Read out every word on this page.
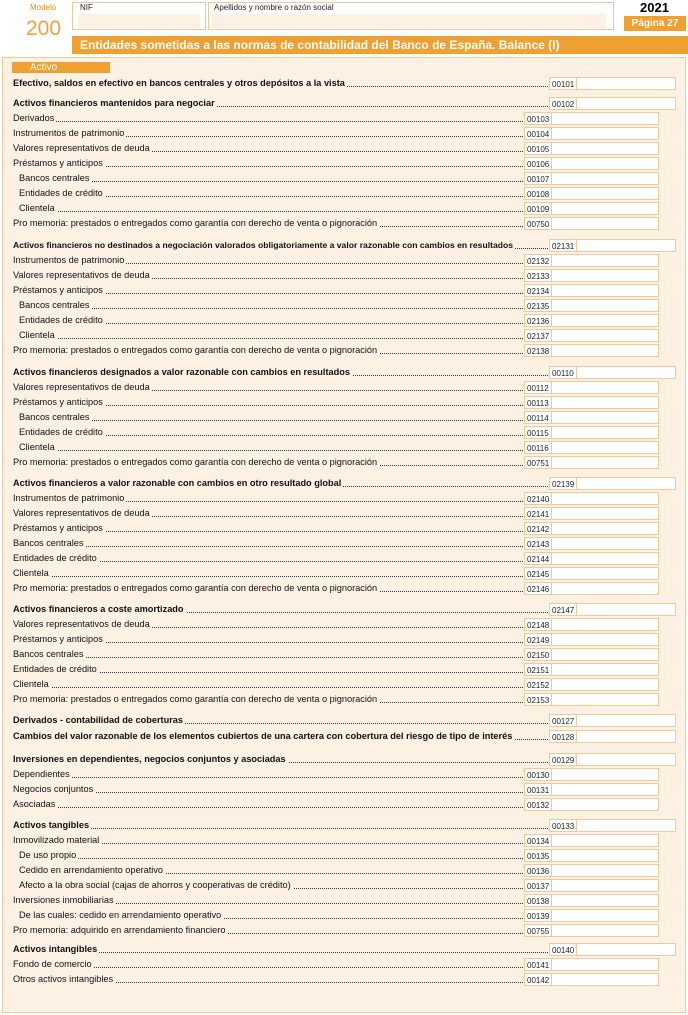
Modelo
200
NIF	Apellidos y nombre o razón social	2021
Página 27
Entidades sometidas a las normas de contabilidad del Banco de España. Balance (I)
Activo
Efectivo, saldos en efectivo en bancos centrales y otros depósitos a la vista	00101
Activos financieros mantenidos para negociar	00102
Derivados	00103
Instrumentos de patrimonio	00104
Valores representativos de deuda	00105
Préstamos y anticipos	00106
Bancos centrales	00107
Entidades de crédito	00108
Clientela	00109
Pro memoria: prestados o entregados como garantía con derecho de venta o pignoración	00750
Activos financieros no destinados a negociación valorados obligatoriamente a valor razonable con cambios en resultados	02131
Instrumentos de patrimonio	02132
Valores representativos de deuda	02133
Préstamos y anticipos	02134
Bancos centrales	02135
Entidades de crédito	02136
Clientela	02137
Pro memoria: prestados o entregados como garantía con derecho de venta o pignoración	02138
Activos financieros designados a valor razonable con cambios en resultados	00110
Valores representativos de deuda	00112
Préstamos y anticipos	00113
Bancos centrales	00114
Entidades de crédito	00115
Clientela	00116
Pro memoria: prestados o entregados como garantía con derecho de venta o pignoración	00751
Activos financieros a valor razonable con cambios en otro resultado global	02139
Instrumentos de patrimonio	02140
Valores representativos de deuda	02141
Préstamos y anticipos	02142
Bancos centrales	02143
Entidades de crédito	02144
Clientela	02145
Pro memoria: prestados o entregados como garantía con derecho de venta o pignoración	02146
Activos financieros a coste amortizado	02147
Valores representativos de deuda	02148
Préstamos y anticipos	02149
Bancos centrales	02150
Entidades de crédito	02151
Clientela	02152
Pro memoria: prestados o entregados como garantía con derecho de venta o pignoración	02153
Derivados - contabilidad de coberturas	00127
Cambios del valor razonable de los elementos cubiertos de una cartera con cobertura del riesgo de tipo de interés	00128
Inversiones en dependientes, negocios conjuntos y asociadas	00129
Dependientes	00130
Negocios conjuntos	00131
Asociadas	00132
Activos tangibles	00133
Inmovilizado material	00134
De uso propio	00135
Cedido en arrendamiento operativo	00136
Afecto a la obra social (cajas de ahorros y cooperativas de crédito)	00137
Inversiones inmobiliarias	00138
De las cuales: cedido en arrendamiento operativo	00139
Pro memoria: adquirido en arrendamiento financiero	00755
Activos intangibles	00140
Fondo de comercio	00141
Otros activos intangibles	00142
